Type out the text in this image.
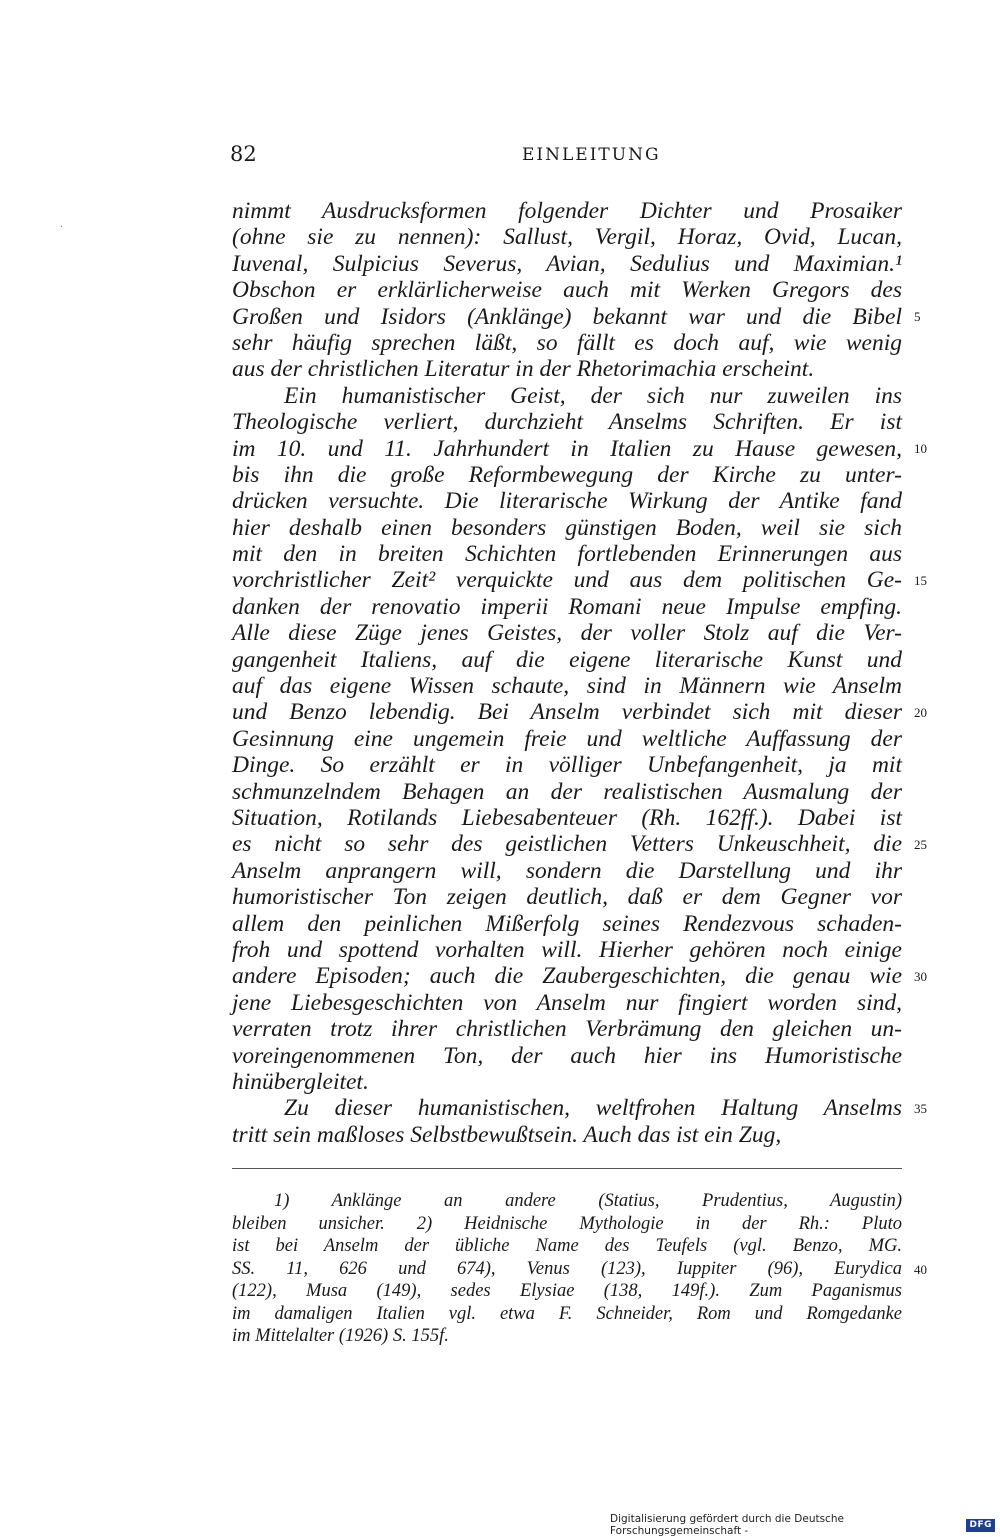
·
82	EINLEITUNG
nimmt Ausdrucksformen folgender Dichter und Prosaiker
(ohne sie zu nennen): Sallust, Vergil, Horaz, Ovid, Lucan,
Iuvenal, Sulpicius Severus, Avian, Sedulius und Maximian.¹
Obschon er erklärlicherweise auch mit Werken Gregors des
Großen und Isidors (Anklänge) bekannt war und die Bibel
sehr häufig sprechen läßt, so fällt es doch auf, wie wenig
aus der christlichen Literatur in der Rhetorimachia erscheint.
Ein humanistischer Geist, der sich nur zuweilen ins
Theologische verliert, durchzieht Anselms Schriften. Er ist
im 10. und 11. Jahrhundert in Italien zu Hause gewesen,
bis ihn die große Reformbewegung der Kirche zu unter-
drücken versuchte. Die literarische Wirkung der Antike fand
hier deshalb einen besonders günstigen Boden, weil sie sich
mit den in breiten Schichten fortlebenden Erinnerungen aus
vorchristlicher Zeit² verquickte und aus dem politischen Ge-
danken der renovatio imperii Romani neue Impulse empfing.
Alle diese Züge jenes Geistes, der voller Stolz auf die Ver-
gangenheit Italiens, auf die eigene literarische Kunst und
auf das eigene Wissen schaute, sind in Männern wie Anselm
und Benzo lebendig. Bei Anselm verbindet sich mit dieser
Gesinnung eine ungemein freie und weltliche Auffassung der
Dinge. So erzählt er in völliger Unbefangenheit, ja mit
schmunzelndem Behagen an der realistischen Ausmalung der
Situation, Rotilands Liebesabenteuer (Rh. 162ff.). Dabei ist
es nicht so sehr des geistlichen Vetters Unkeuschheit, die
Anselm anprangern will, sondern die Darstellung und ihr
humoristischer Ton zeigen deutlich, daß er dem Gegner vor
allem den peinlichen Mißerfolg seines Rendezvous schaden-
froh und spottend vorhalten will. Hierher gehören noch einige
andere Episoden; auch die Zaubergeschichten, die genau wie
jene Liebesgeschichten von Anselm nur fingiert worden sind,
verraten trotz ihrer christlichen Verbrämung den gleichen un-
voreingenommenen Ton, der auch hier ins Humoristische
hinübergleitet.
Zu dieser humanistischen, weltfrohen Haltung Anselms
tritt sein maßloses Selbstbewußtsein. Auch das ist ein Zug,
5
10
15
20
25
30
35
1) Anklänge an andere (Statius, Prudentius, Augustin)
bleiben unsicher. 2) Heidnische Mythologie in der Rh.: Pluto
ist bei Anselm der übliche Name des Teufels (vgl. Benzo, MG.
SS. 11, 626 und 674), Venus (123), Iuppiter (96), Eurydica
(122), Musa (149), sedes Elysiae (138, 149f.). Zum Paganismus
im damaligen Italien vgl. etwa F. Schneider, Rom und Romgedanke
im Mittelalter (1926) S. 155f.
40
Digitalisierung gefördert durch die Deutsche Forschungsgemeinschaft -	DFG
